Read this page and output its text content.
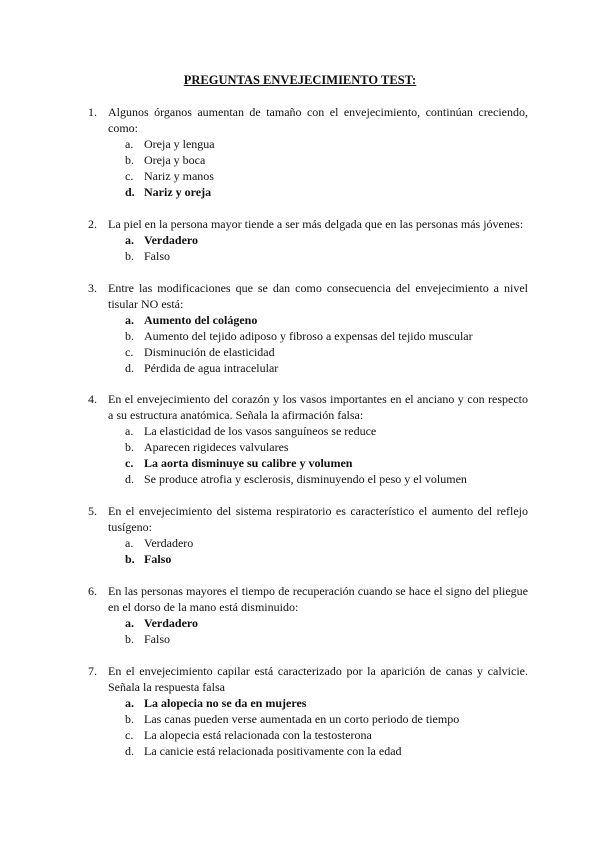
PREGUNTAS ENVEJECIMIENTO TEST:
1. Algunos órganos aumentan de tamaño con el envejecimiento, continúan creciendo, como:
a. Oreja y lengua
b. Oreja y boca
c. Nariz y manos
d. Nariz y oreja
2. La piel en la persona mayor tiende a ser más delgada que en las personas más jóvenes:
a. Verdadero
b. Falso
3. Entre las modificaciones que se dan como consecuencia del envejecimiento a nivel tisular NO está:
a. Aumento del colágeno
b. Aumento del tejido adiposo y fibroso a expensas del tejido muscular
c. Disminución de elasticidad
d. Pérdida de agua intracelular
4. En el envejecimiento del corazón y los vasos importantes en el anciano y con respecto a su estructura anatómica. Señala la afirmación falsa:
a. La elasticidad de los vasos sanguíneos se reduce
b. Aparecen rigideces valvulares
c. La aorta disminuye su calibre y volumen
d. Se produce atrofia y esclerosis, disminuyendo el peso y el volumen
5. En el envejecimiento del sistema respiratorio es característico el aumento del reflejo tusígeno:
a. Verdadero
b. Falso
6. En las personas mayores el tiempo de recuperación cuando se hace el signo del pliegue en el dorso de la mano está disminuido:
a. Verdadero
b. Falso
7. En el envejecimiento capilar está caracterizado por la aparición de canas y calvicie. Señala la respuesta falsa
a. La alopecia no se da en mujeres
b. Las canas pueden verse aumentada en un corto periodo de tiempo
c. La alopecia está relacionada con la testosterona
d. La canicie está relacionada positivamente con la edad
